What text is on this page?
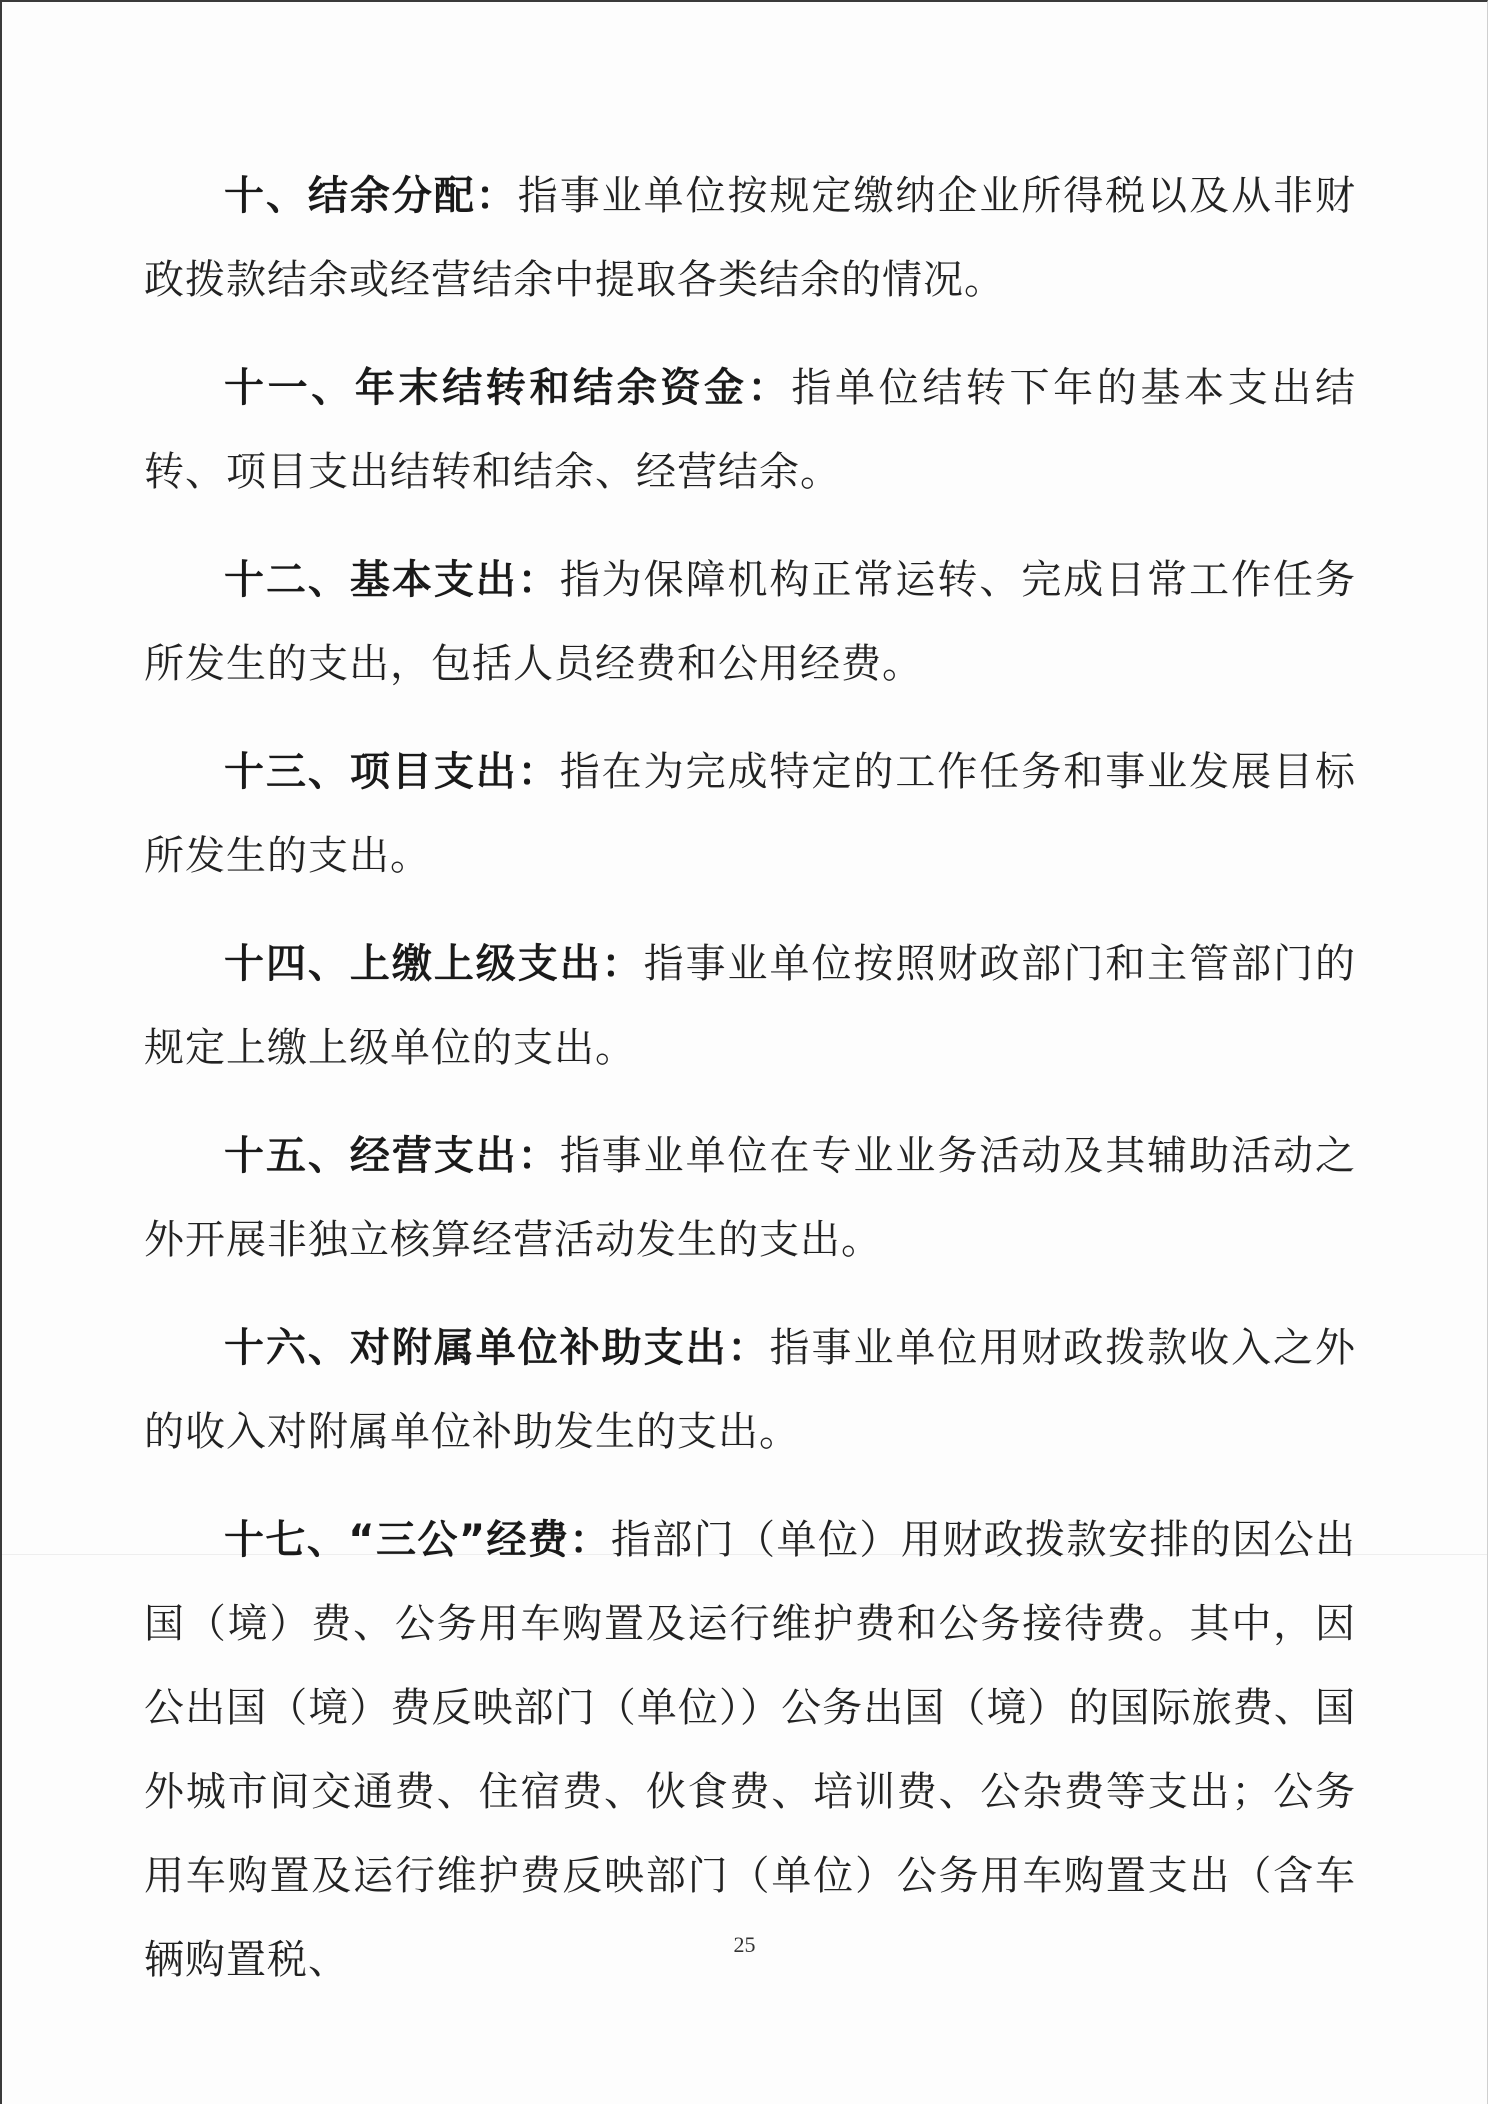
十、结余分配：指事业单位按规定缴纳企业所得税以及从非财政拨款结余或经营结余中提取各类结余的情况。

十一、年末结转和结余资金：指单位结转下年的基本支出结转、项目支出结转和结余、经营结余。

十二、基本支出：指为保障机构正常运转、完成日常工作任务所发生的支出，包括人员经费和公用经费。

十三、项目支出：指在为完成特定的工作任务和事业发展目标所发生的支出。

十四、上缴上级支出：指事业单位按照财政部门和主管部门的规定上缴上级单位的支出。

十五、经营支出：指事业单位在专业业务活动及其辅助活动之外开展非独立核算经营活动发生的支出。

十六、对附属单位补助支出：指事业单位用财政拨款收入之外的收入对附属单位补助发生的支出。

十七、“三公”经费：指部门（单位）用财政拨款安排的因公出国（境）费、公务用车购置及运行维护费和公务接待费。其中，因公出国（境）费反映部门（单位））公务出国（境）的国际旅费、国外城市间交通费、住宿费、伙食费、培训费、公杂费等支出；公务用车购置及运行维护费反映部门（单位）公务用车购置支出（含车辆购置税、	25
